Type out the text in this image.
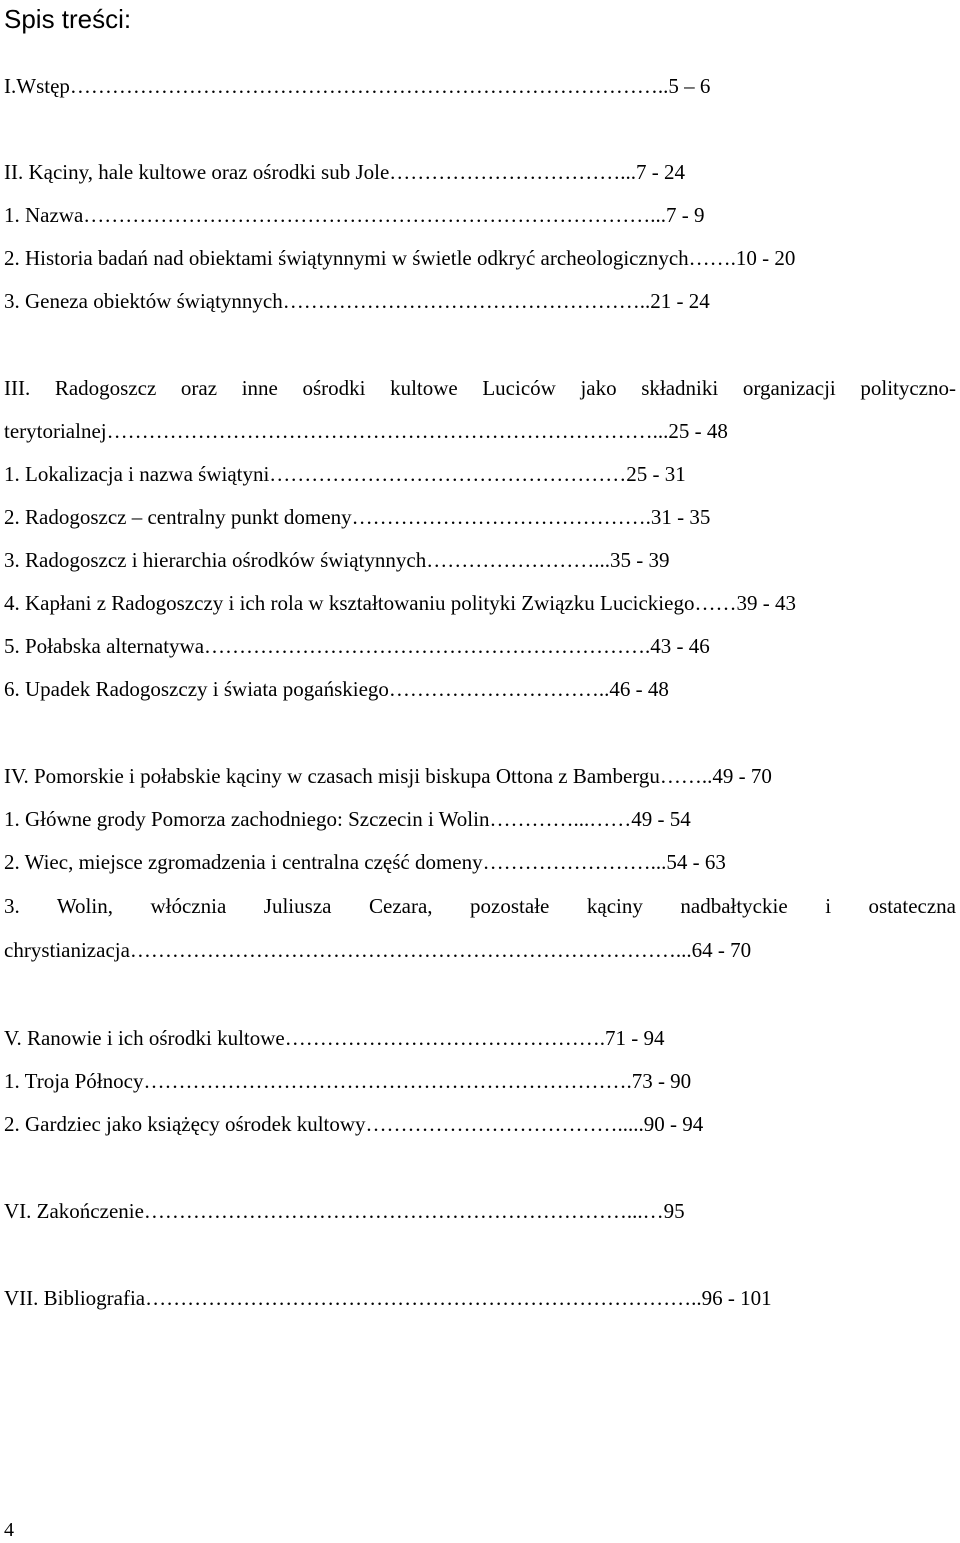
Spis treści:
I.Wstęp…………………………………………………………………………..5 – 6
II. Kąciny, hale kultowe oraz ośrodki sub Jole……………………………...7 - 24
1. Nazwa………………………………………………………………………...7 - 9
2. Historia badań nad obiektami świątynnymi w świetle odkryć archeologicznych…….10 - 20
3. Geneza obiektów świątynnych……………………………………………..21 - 24
III. Radogoszcz oraz inne ośrodki kultowe Luciców jako składniki organizacji polityczno-
terytorialnej……………………………………………………………………...25 - 48
1. Lokalizacja i nazwa świątyni……………………………………………25 - 31
2. Radogoszcz – centralny punkt domeny…………………………………….31 - 35
3. Radogoszcz i hierarchia ośrodków świątynnych……………………...35 - 39
4. Kapłani z Radogoszczy i ich rola w kształtowaniu polityki Związku Lucickiego……39 - 43
5. Połabska alternatywa……………………………………………………….43 - 46
6. Upadek Radogoszczy i świata pogańskiego…………………………..46 - 48
IV. Pomorskie i połabskie kąciny w czasach misji biskupa Ottona z Bambergu……..49 - 70
1. Główne grody Pomorza zachodniego: Szczecin i Wolin…………...……49 - 54
2. Wiec, miejsce zgromadzenia i centralna część domeny……………………...54 - 63
3. Wolin, włócznia Juliusza Cezara, pozostałe kąciny nadbałtyckie i ostateczna
chrystianizacja……………………………………………………………………...64 - 70
V. Ranowie i ich ośrodki kultowe……………………………………….71 - 94
1. Troja Północy…………………………………………………………….73 - 90
2. Gardziec jako książęcy ośrodek kultowy……………………………….....90 - 94
VI. Zakończenie……………………………………………………………...…95
VII. Bibliografia……………………………………………………………………..96 - 101
4
